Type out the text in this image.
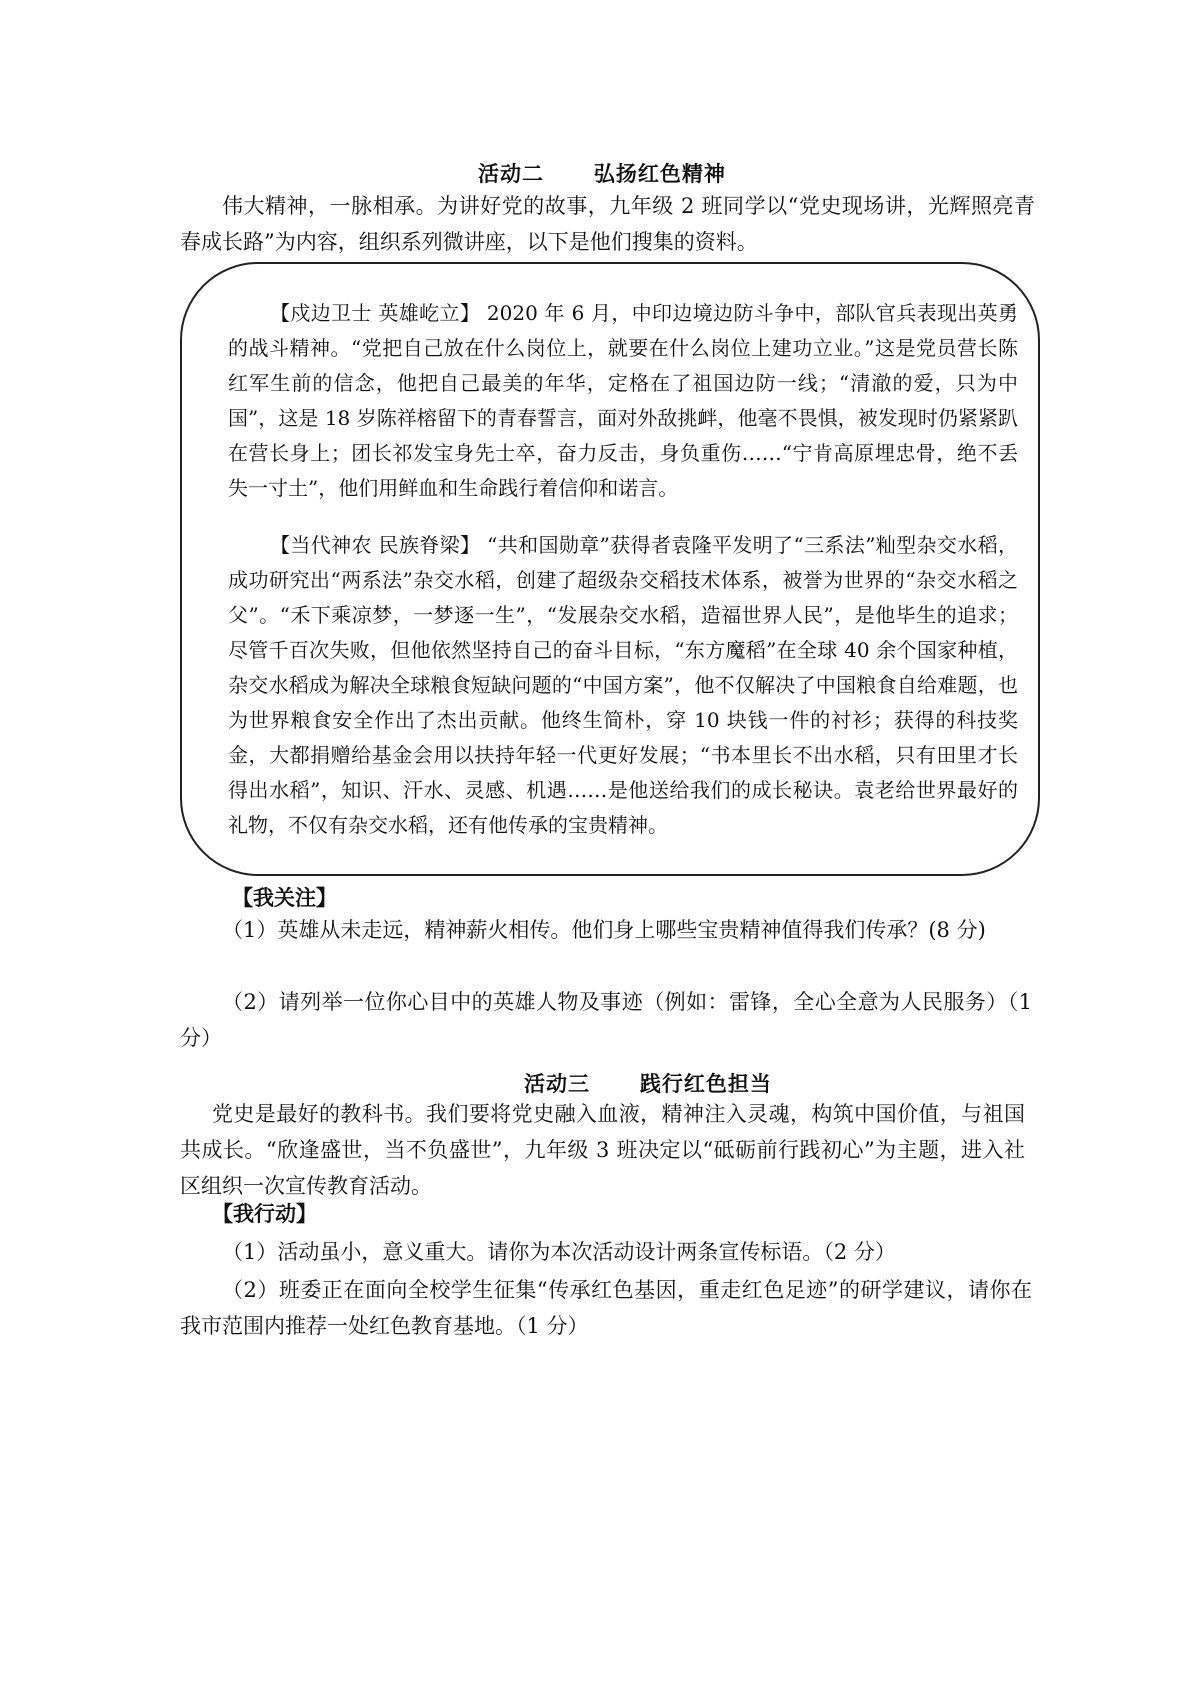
活动二      弘扬红色精神

伟大精神，一脉相承。为讲好党的故事，九年级 2 班同学以“党史现场讲，光辉照亮青春成长路”为内容，组织系列微讲座，以下是他们搜集的资料。

【戍边卫士 英雄屹立】 2020 年 6 月，中印边境边防斗争中，部队官兵表现出英勇的战斗精神。“党把自己放在什么岗位上，就要在什么岗位上建功立业。”这是党员营长陈红军生前的信念，他把自己最美的年华，定格在了祖国边防一线；“清澈的爱，只为中国”，这是 18 岁陈祥榕留下的青春誓言，面对外敌挑衅，他毫不畏惧，被发现时仍紧紧趴在营长身上；团长祁发宝身先士卒，奋力反击，身负重伤……“宁肯高原埋忠骨，绝不丢失一寸土”，他们用鲜血和生命践行着信仰和诺言。

【当代神农 民族脊梁】 “共和国勋章”获得者袁隆平发明了“三系法”籼型杂交水稻，成功研究出“两系法”杂交水稻，创建了超级杂交稻技术体系，被誉为世界的“杂交水稻之父”。“禾下乘凉梦，一梦逐一生”，“发展杂交水稻，造福世界人民”，是他毕生的追求；尽管千百次失败，但他依然坚持自己的奋斗目标，“东方魔稻”在全球 40 余个国家种植，杂交水稻成为解决全球粮食短缺问题的“中国方案”，他不仅解决了中国粮食自给难题，也为世界粮食安全作出了杰出贡献。他终生简朴，穿 10 块钱一件的衬衫；获得的科技奖金，大都捐赠给基金会用以扶持年轻一代更好发展；“书本里长不出水稻，只有田里才长得出水稻”，知识、汗水、灵感、机遇……是他送给我们的成长秘诀。袁老给世界最好的礼物，不仅有杂交水稻，还有他传承的宝贵精神。

【我关注】

（1）英雄从未走远，精神薪火相传。他们身上哪些宝贵精神值得我们传承？(8 分)

（2）请列举一位你心目中的英雄人物及事迹（例如：雷锋，全心全意为人民服务）（1 分）

活动三      践行红色担当

党史是最好的教科书。我们要将党史融入血液，精神注入灵魂，构筑中国价值，与祖国共成长。“欣逢盛世，当不负盛世”，九年级 3 班决定以“砥砺前行践初心”为主题，进入社区组织一次宣传教育活动。

【我行动】

（1）活动虽小，意义重大。请你为本次活动设计两条宣传标语。（2 分）

（2）班委正在面向全校学生征集“传承红色基因，重走红色足迹”的研学建议，请你在我市范围内推荐一处红色教育基地。（1 分）
